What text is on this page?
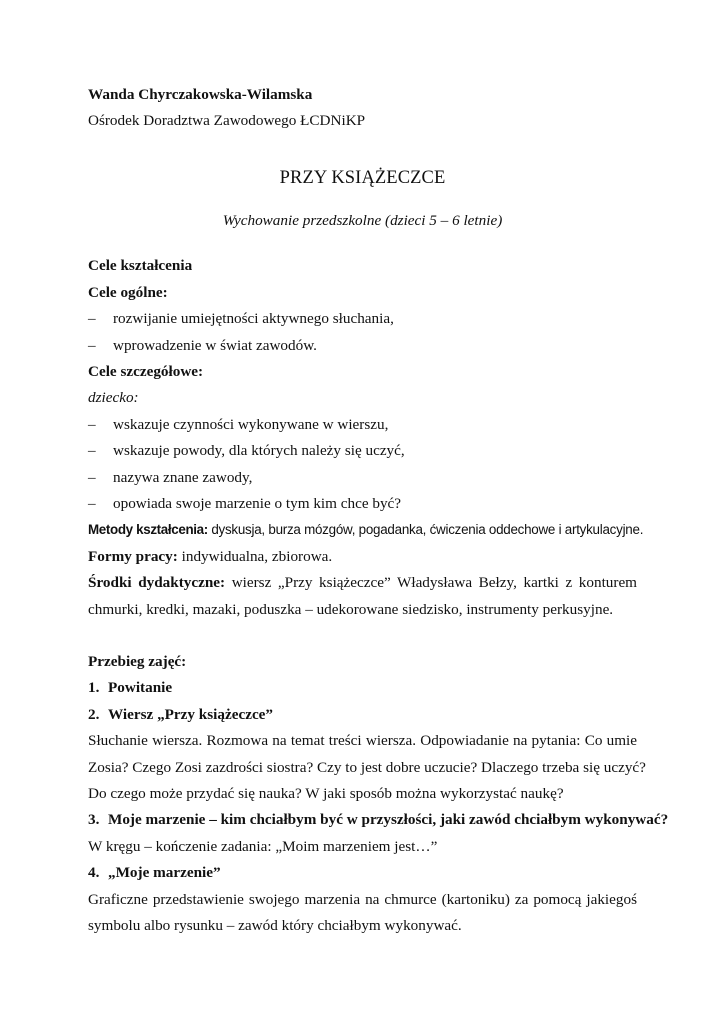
Wanda Chyrczakowska-Wilamska

Ośrodek Doradztwa Zawodowego ŁCDNiKP

PRZY KSIĄŻECZCE

Wychowanie przedszkolne (dzieci 5 – 6 letnie)

Cele kształcenia

Cele ogólne:

–	rozwijanie umiejętności aktywnego słuchania,
–	wprowadzenie w świat zawodów.

Cele szczegółowe:

dziecko:

–	wskazuje czynności wykonywane w wierszu,
–	wskazuje powody, dla których należy się uczyć,
–	nazywa znane zawody,
–	opowiada swoje marzenie o tym kim chce być?

Metody kształcenia: dyskusja, burza mózgów, pogadanka, ćwiczenia oddechowe i artykulacyjne.

Formy pracy: indywidualna, zbiorowa.

Środki dydaktyczne: wiersz „Przy książeczce” Władysława Bełzy, kartki z konturem

chmurki, kredki, mazaki, poduszka – udekorowane siedzisko, instrumenty perkusyjne.

Przebieg zajęć:

1. Powitanie

2. Wiersz „Przy książeczce”

Słuchanie wiersza. Rozmowa na temat treści wiersza. Odpowiadanie na pytania: Co umie

Zosia? Czego Zosi zazdrości siostra? Czy to jest dobre uczucie? Dlaczego trzeba się uczyć?

Do czego może przydać się nauka? W jaki sposób można wykorzystać naukę?

3. Moje marzenie – kim chciałbym być w przyszłości, jaki zawód chciałbym wykonywać?

W kręgu – kończenie zadania: „Moim marzeniem jest…”

4. „Moje marzenie”

Graficzne przedstawienie swojego marzenia na chmurce (kartoniku) za pomocą jakiegoś

symbolu albo rysunku – zawód który chciałbym wykonywać.
